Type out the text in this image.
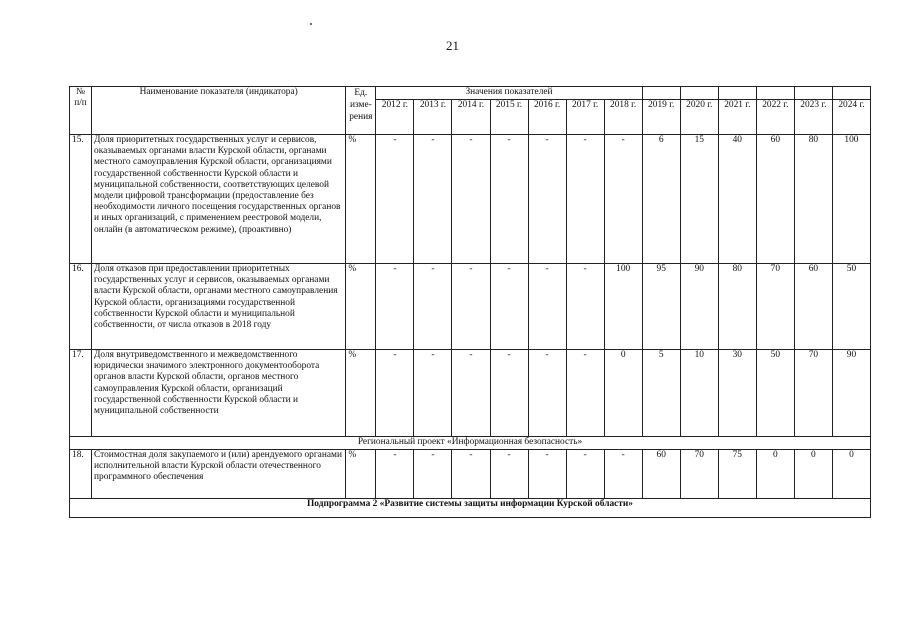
21
№ п/п	Наименование показателя (индикатора)	Ед. изме-рения	Значения показателей												
			2012 г.	2013 г.	2014 г.	2015 г.	2016 г.	2017 г.	2018 г.	2019 г.	2020 г.	2021 г.	2022 г.	2023 г.	2024 г.
15.	Доля приоритетных государственных услуг и сервисов, оказываемых органами власти Курской области, органами местного самоуправления Курской области, организациями государственной собственности Курской области и муниципальной собственности, соответствующих целевой модели цифровой трансформации (предоставление без необходимости личного посещения государственных органов и иных организаций, с применением реестровой модели, онлайн (в автоматическом режиме), (проактивно)	%	-	-	-	-	-	-	-	6	15	40	60	80	100
16.	Доля отказов при предоставлении приоритетных государственных услуг и сервисов, оказываемых органами власти Курской области, органами местного самоуправления Курской области, организациями государственной собственности Курской области и муниципальной собственности, от числа отказов в 2018 году	%	-	-	-	-	-	-	100	95	90	80	70	60	50
17.	Доля внутриведомственного и межведомственного юридически значимого электронного документооборота органов власти Курской области, органов местного самоуправления Курской области, организаций государственной собственности Курской области и муниципальной собственности	%	-	-	-	-	-	-	0	5	10	30	50	70	90
Региональный проект «Информационная безопасность»															
18.	Стоимостная доля закупаемого и (или) арендуемого органами исполнительной власти Курской области отечественного программного обеспечения	%	-	-	-	-	-	-	-	60	70	75	0	0	0
Подпрограмма 2 «Развитие системы защиты информации Курской области»															
